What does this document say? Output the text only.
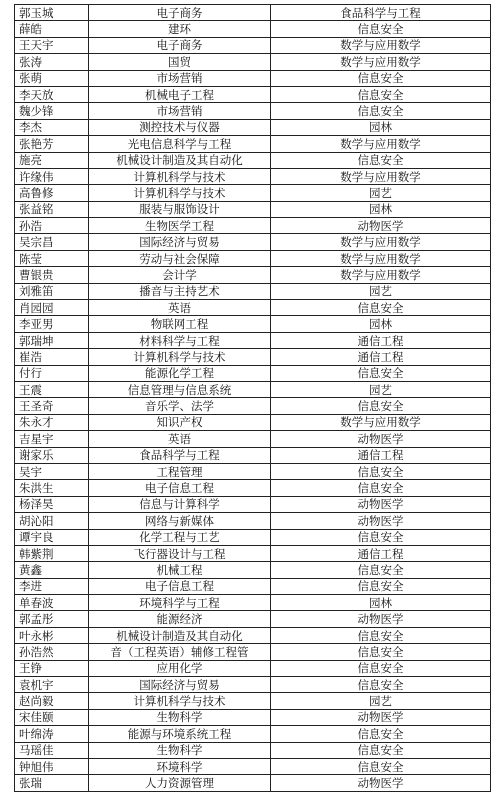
郭玉城	电子商务	食品科学与工程
薛皓	建环	信息安全
王天宇	电子商务	数学与应用数学
张涛	国贸	数学与应用数学
张萌	市场营销	信息安全
李天放	机械电子工程	信息安全
魏少锋	市场营销	信息安全
李杰	测控技术与仪器	园林
张艳芳	光电信息科学与工程	数学与应用数学
施亮	机械设计制造及其自动化	信息安全
许缘伟	计算机科学与技术	数学与应用数学
高鲁修	计算机科学与技术	园艺
张益铭	服装与服饰设计	园林
孙浩	生物医学工程	动物医学
吴宗昌	国际经济与贸易	数学与应用数学
陈莹	劳动与社会保障	数学与应用数学
曹银贵	会计学	数学与应用数学
刘雅笛	播音与主持艺术	园艺
肖园园	英语	信息安全
李亚男	物联网工程	园林
郭瑞坤	材料科学与工程	通信工程
崔浩	计算机科学与技术	通信工程
付行	能源化学工程	信息安全
王震	信息管理与信息系统	园艺
王圣奇	音乐学、法学	信息安全
朱永才	知识产权	数学与应用数学
吉星宇	英语	动物医学
谢家乐	食品科学与工程	通信工程
吴宇	工程管理	信息安全
朱洪生	电子信息工程	信息安全
杨泽昊	信息与计算科学	动物医学
胡沁阳	网络与新媒体	动物医学
谭宇良	化学工程与工艺	信息安全
韩紫荆	飞行器设计与工程	通信工程
黄鑫	机械工程	信息安全
李进	电子信息工程	信息安全
单春波	环境科学与工程	园林
郭孟彤	能源经济	动物医学
叶永彬	机械设计制造及其自动化	信息安全
孙浩然	音（工程英语）辅修工程管	信息安全
王铮	应用化学	信息安全
袁机宇	国际经济与贸易	信息安全
赵尚毅	计算机科学与技术	园艺
宋佳颐	生物科学	动物医学
叶绵涛	能源与环境系统工程	信息安全
马瑶佳	生物科学	信息安全
钟旭伟	环境科学	信息安全
张瑞	人力资源管理	动物医学
